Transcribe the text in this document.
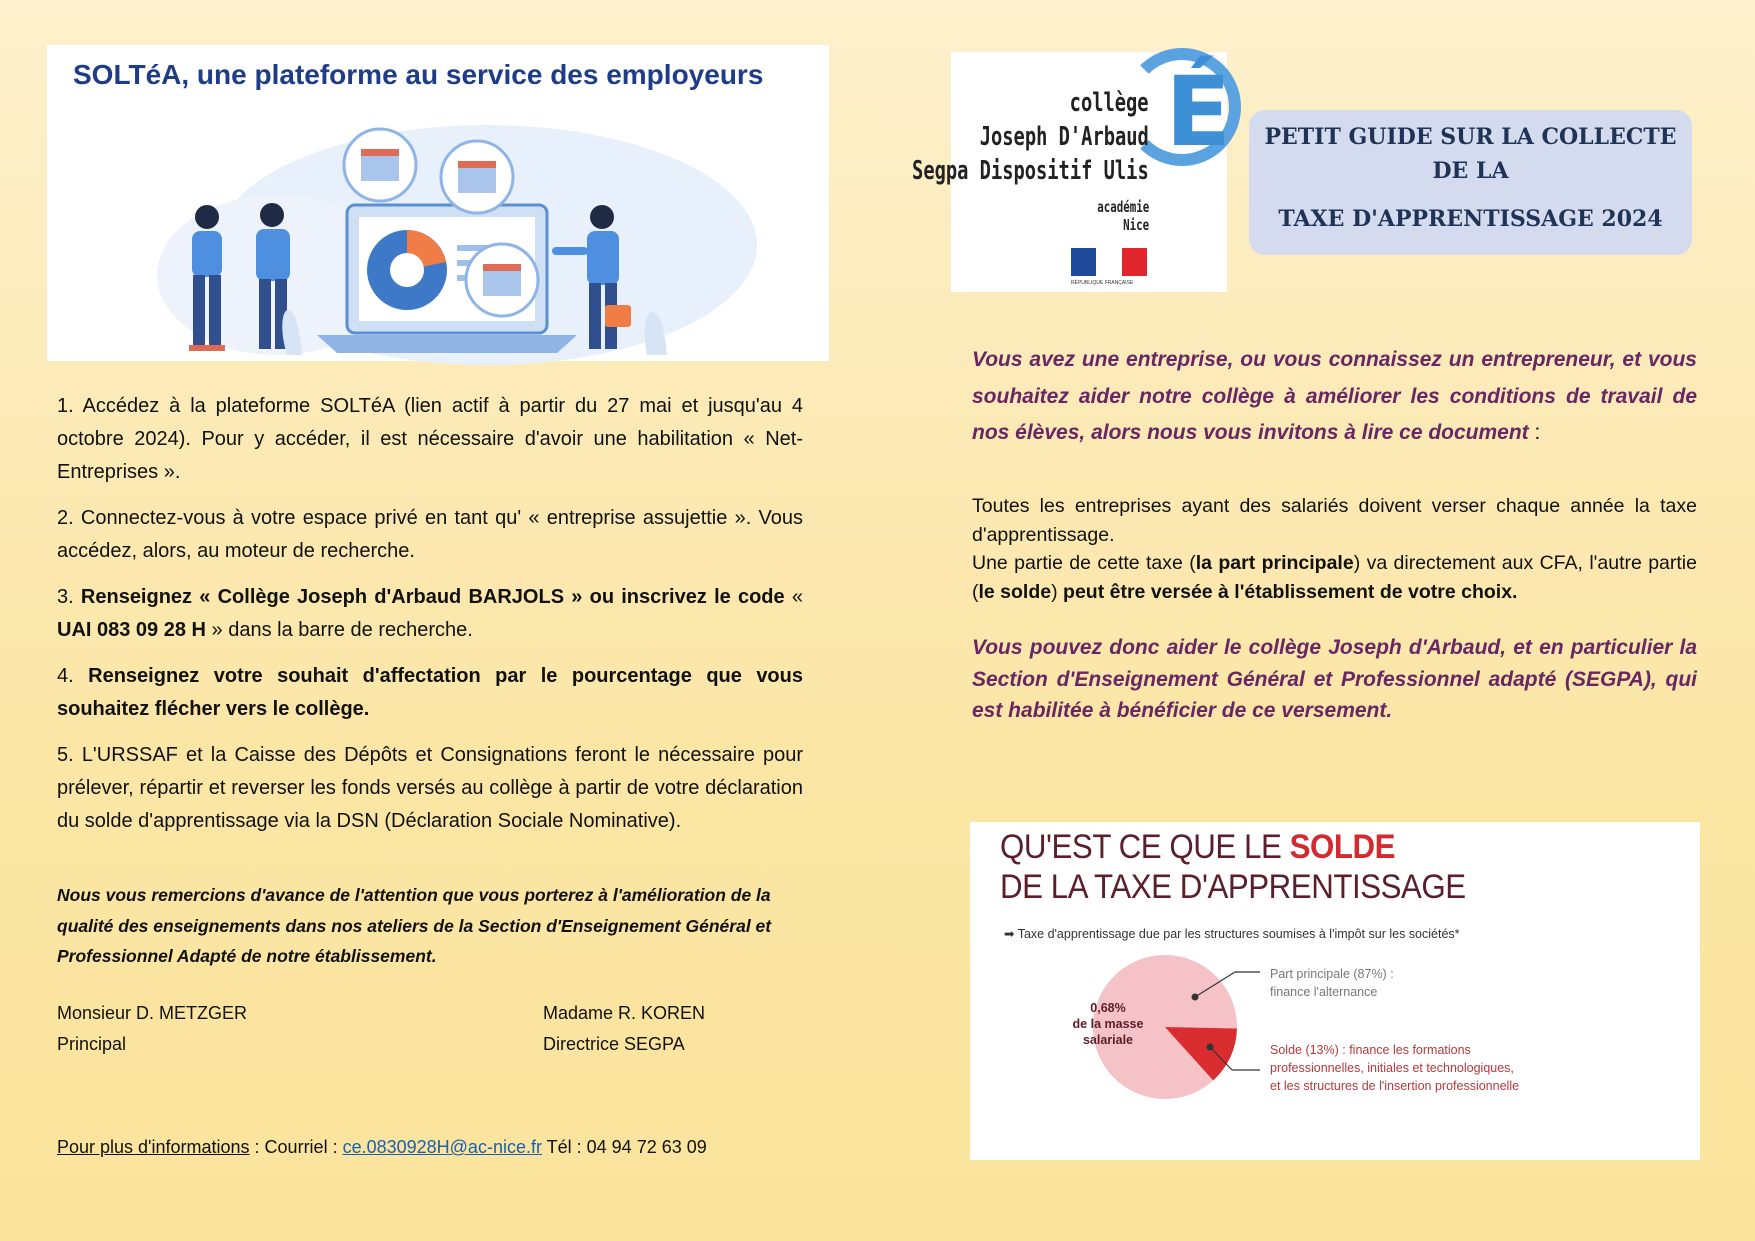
SOLTéA, une plateforme au service des employeurs

1. Accédez à la plateforme SOLTéA (lien actif à partir du 27 mai et jusqu'au 4 octobre 2024). Pour y accéder, il est nécessaire d'avoir une habilitation « Net-Entreprises ».

2. Connectez-vous à votre espace privé en tant qu' « entreprise assujettie ». Vous accédez, alors, au moteur de recherche.

3. Renseignez « Collège Joseph d'Arbaud BARJOLS » ou inscrivez le code « UAI 083 09 28 H » dans la barre de recherche.

4. Renseignez votre souhait d'affectation par le pourcentage que vous souhaitez flécher vers le collège.

5. L'URSSAF et la Caisse des Dépôts et Consignations feront le nécessaire pour prélever, répartir et reverser les fonds versés au collège à partir de votre déclaration du solde d'apprentissage via la DSN (Déclaration Sociale Nominative).

Nous vous remercions d'avance de l'attention que vous porterez à l'amélioration de la qualité des enseignements dans nos ateliers de la Section d'Enseignement Général et Professionnel Adapté de notre établissement.
Monsieur D. METZGER
Principal
Madame R. KOREN
Directrice SEGPA
Pour plus d'informations : Courriel : ce.0830928H@ac-nice.fr Tél : 04 94 72 63 09
É
collège
Joseph D'Arbaud
Segpa Dispositif Ulis
académie
Nice
RÉPUBLIQUE FRANÇAISE
PETIT GUIDE SUR LA COLLECTE
DE LA
TAXE D'APPRENTISSAGE 2024
Vous avez une entreprise, ou vous connaissez un entrepreneur, et vous souhaitez aider notre collège à améliorer les conditions de travail de nos élèves, alors nous vous invitons à lire ce document :

Toutes les entreprises ayant des salariés doivent verser chaque année la taxe d'apprentissage.

Une partie de cette taxe (la part principale) va directement aux CFA, l'autre partie (le solde) peut être versée à l'établissement de votre choix.

Vous pouvez donc aider le collège Joseph d'Arbaud, et en particulier la Section d'Enseignement Général et Professionnel adapté (SEGPA), qui est habilitée à bénéficier de ce versement.
QU'EST CE QUE LE SOLDE
DE LA TAXE D'APPRENTISSAGE
➡ Taxe d'apprentissage due par les structures soumises à l'impôt sur les sociétés*
0,68%
de la masse
salariale
Part principale (87%) :
finance l'alternance
Solde (13%) : finance les formations
professionnelles, initiales et technologiques,
et les structures de l'insertion professionnelle
